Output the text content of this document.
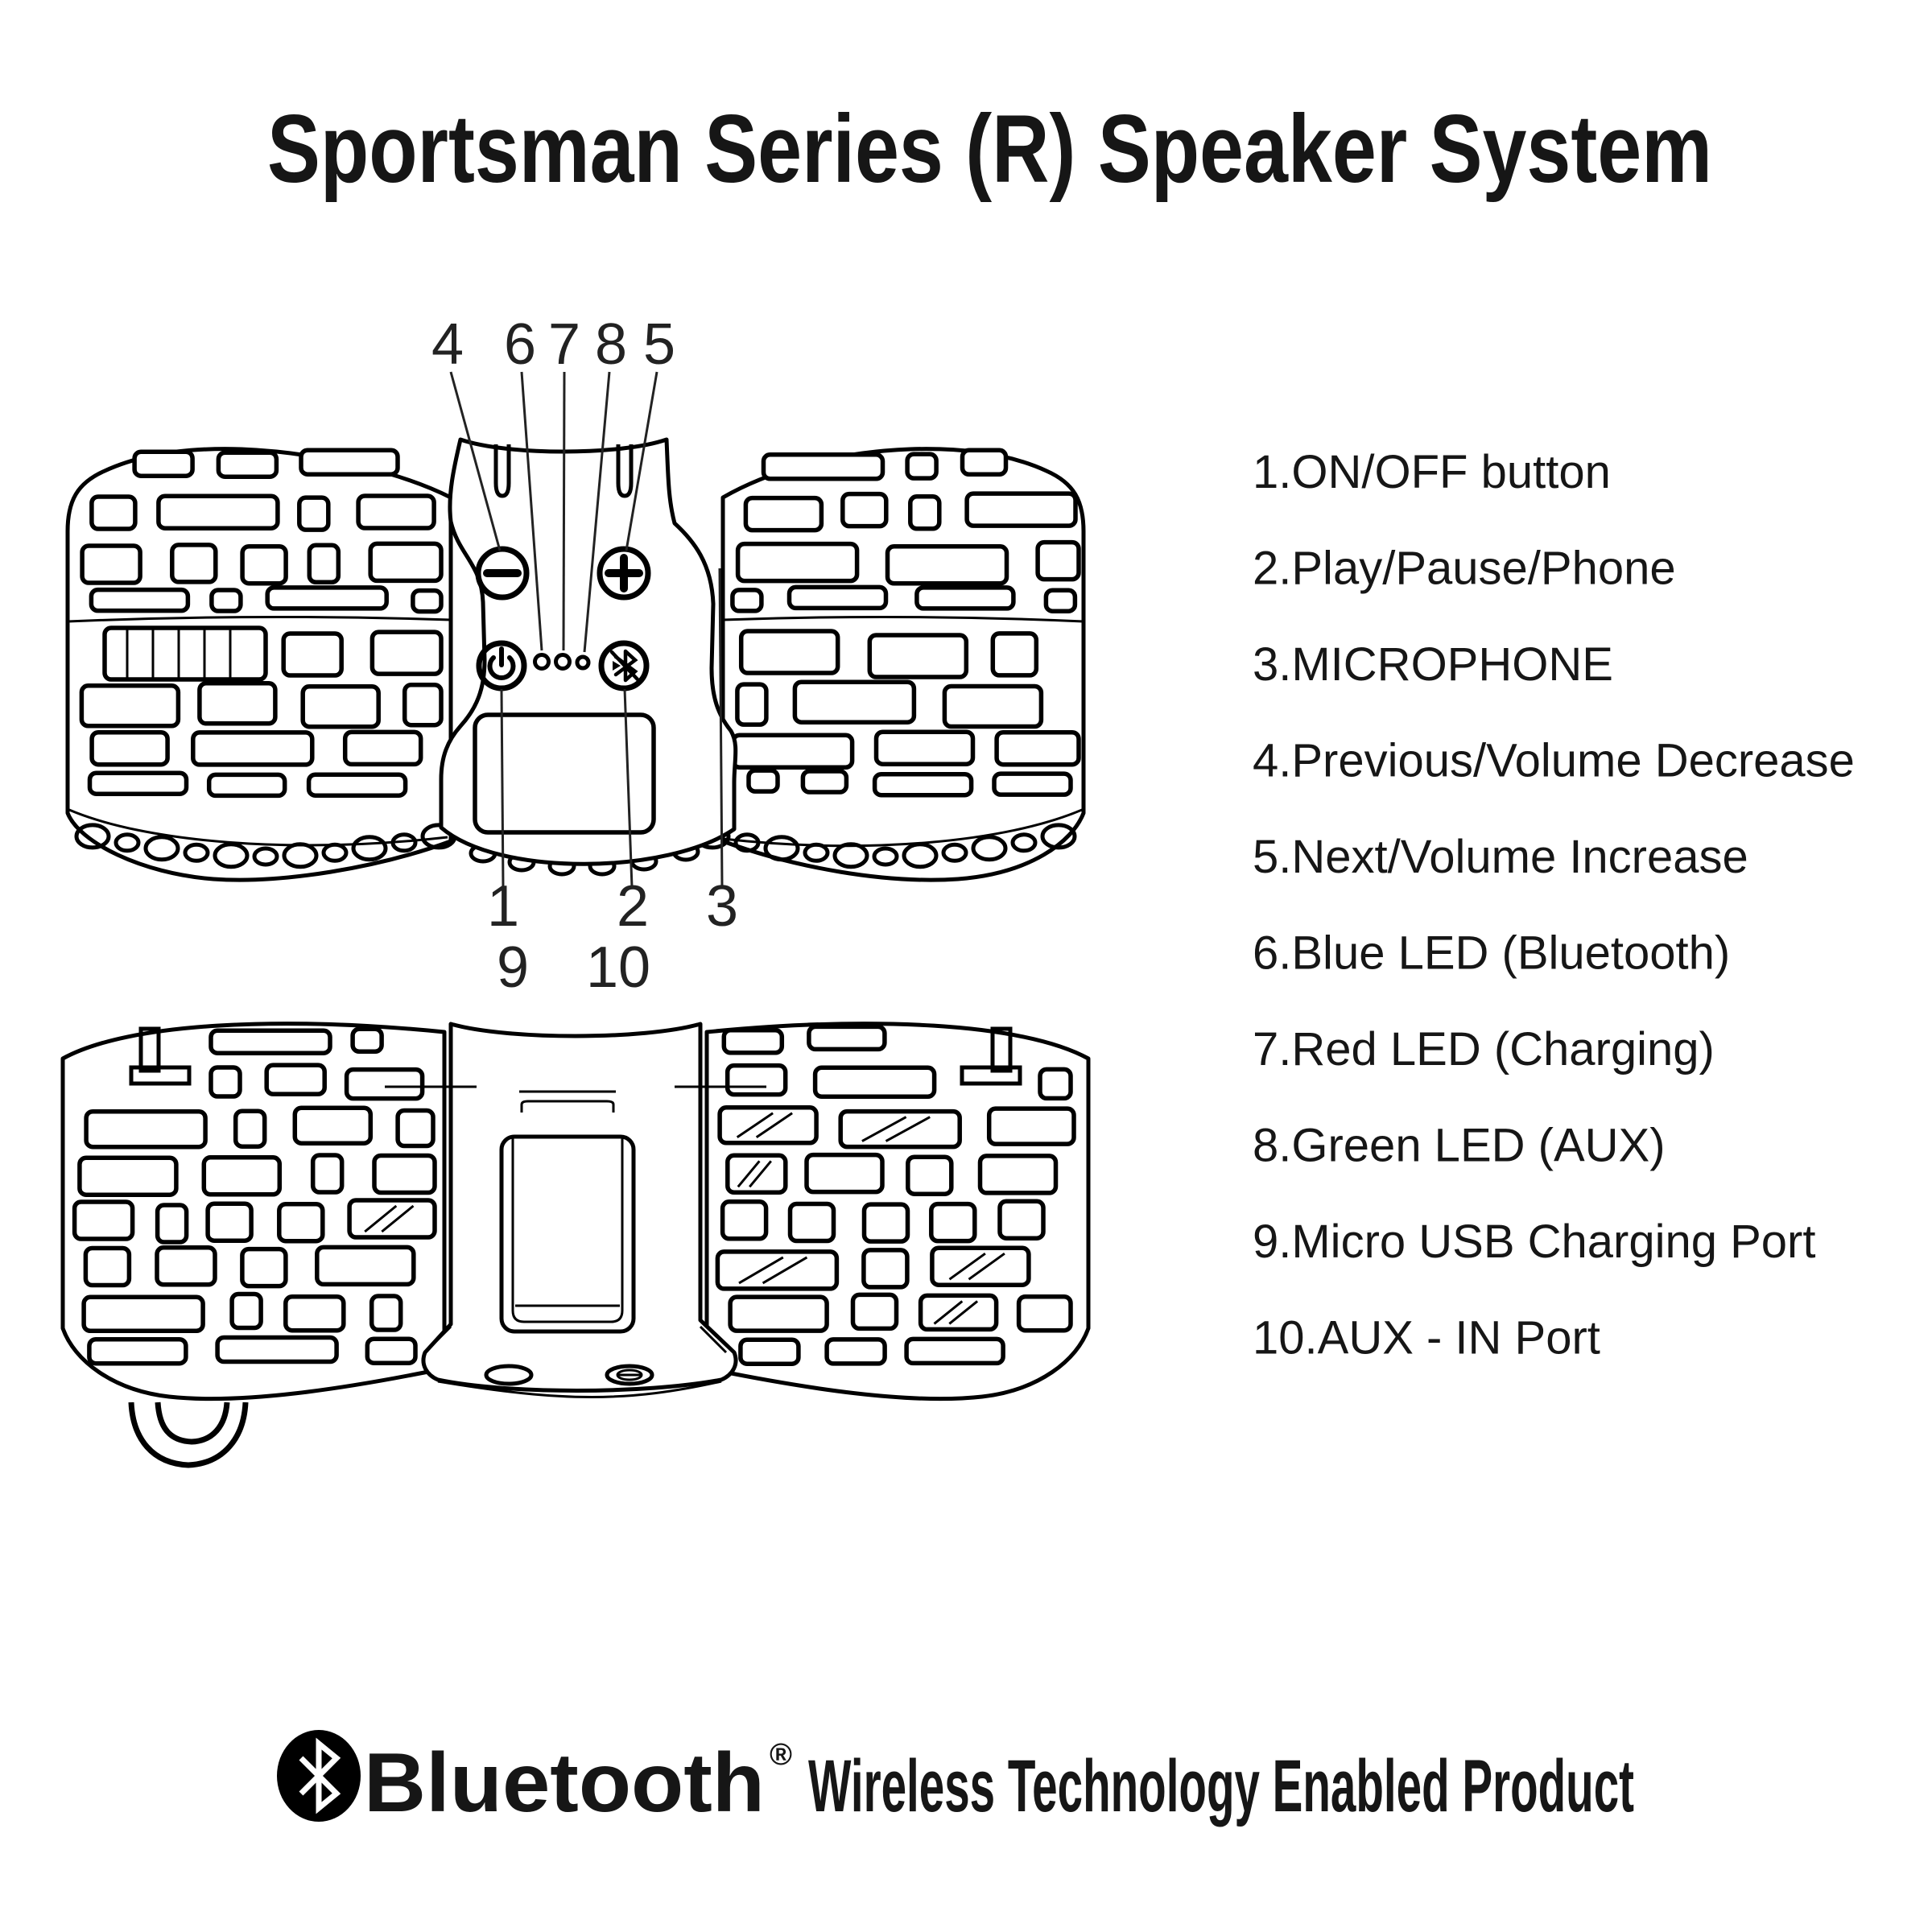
4 6 7 8 5
1 2 3
9 10
Sportsman Series (R) Speaker System
1.ON/OFF button
2.Play/Pause/Phone
3.MICROPHONE
4.Previous/Volume Decrease
5.Next/Volume Increase
6.Blue LED (Bluetooth)
7.Red LED (Charging)
8.Green LED (AUX)
9.Micro USB Charging Port
10.AUX - IN Port
Bluetooth ® Wireless Technology Enabled Product
